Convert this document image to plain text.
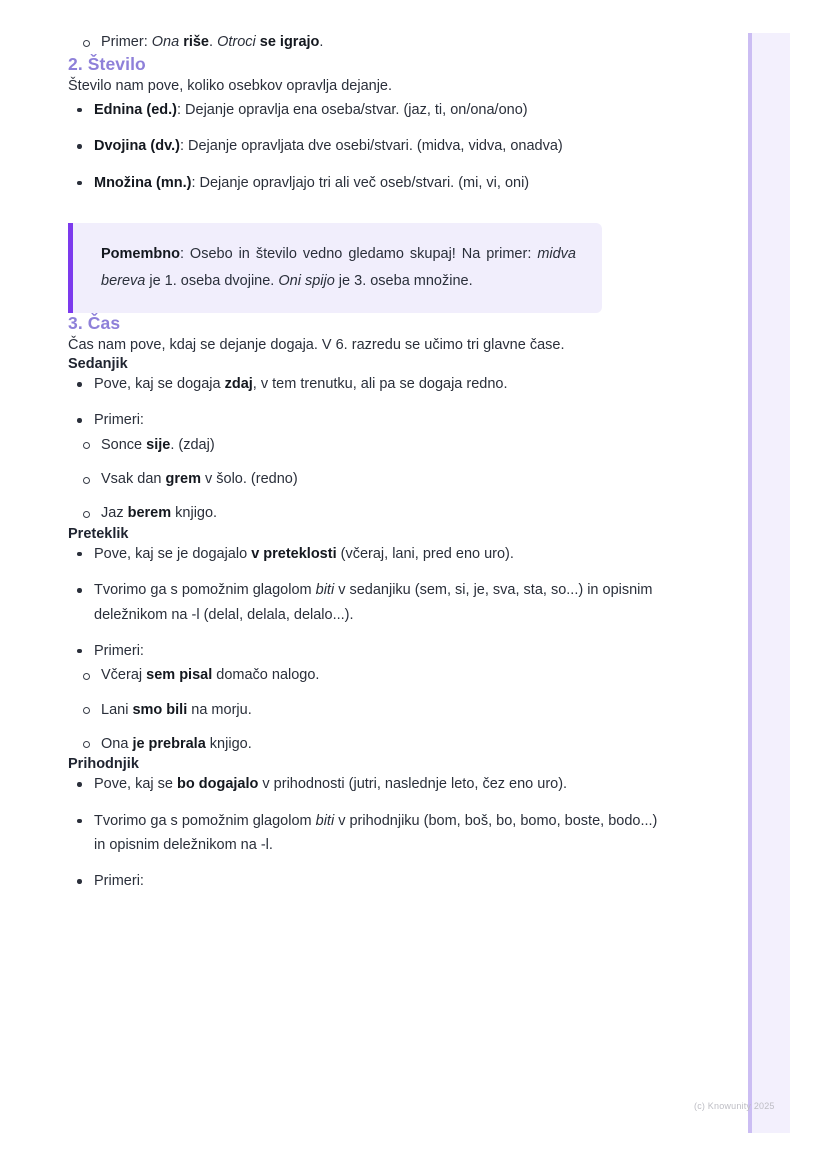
Primer: Ona riše. Otroci se igrajo.
2. Število

Število nam pove, koliko osebkov opravlja dejanje.

Ednina (ed.): Dejanje opravlja ena oseba/stvar. (jaz, ti, on/ona/ono)
Dvojina (dv.): Dejanje opravljata dve osebi/stvari. (midva, vidva, onadva)
Množina (mn.): Dejanje opravljajo tri ali več oseb/stvari. (mi, vi, oni)
Pomembno: Osebo in število vedno gledamo skupaj! Na primer: midva bereva je 1. oseba dvojine. Oni spijo je 3. oseba množine.
3. Čas

Čas nam pove, kdaj se dejanje dogaja. V 6. razredu se učimo tri glavne čase.

Sedanjik
Pove, kaj se dogaja zdaj, v tem trenutku, ali pa se dogaja redno.
Primeri:
Sonce sije. (zdaj)
Vsak dan grem v šolo. (redno)
Jaz berem knjigo.
Preteklik
Pove, kaj se je dogajalo v preteklosti (včeraj, lani, pred eno uro).
Tvorimo ga s pomožnim glagolom biti v sedanjiku (sem, si, je, sva, sta, so...) in opisnim deležnikom na -l (delal, delala, delalo...).
Primeri:
Včeraj sem pisal domačo nalogo.
Lani smo bili na morju.
Ona je prebrala knjigo.
Prihodnjik
Pove, kaj se bo dogajalo v prihodnosti (jutri, naslednje leto, čez eno uro).
Tvorimo ga s pomožnim glagolom biti v prihodnjiku (bom, boš, bo, bomo, boste, bodo...) in opisnim deležnikom na -l.
Primeri:
(c) Knowunity 2025
